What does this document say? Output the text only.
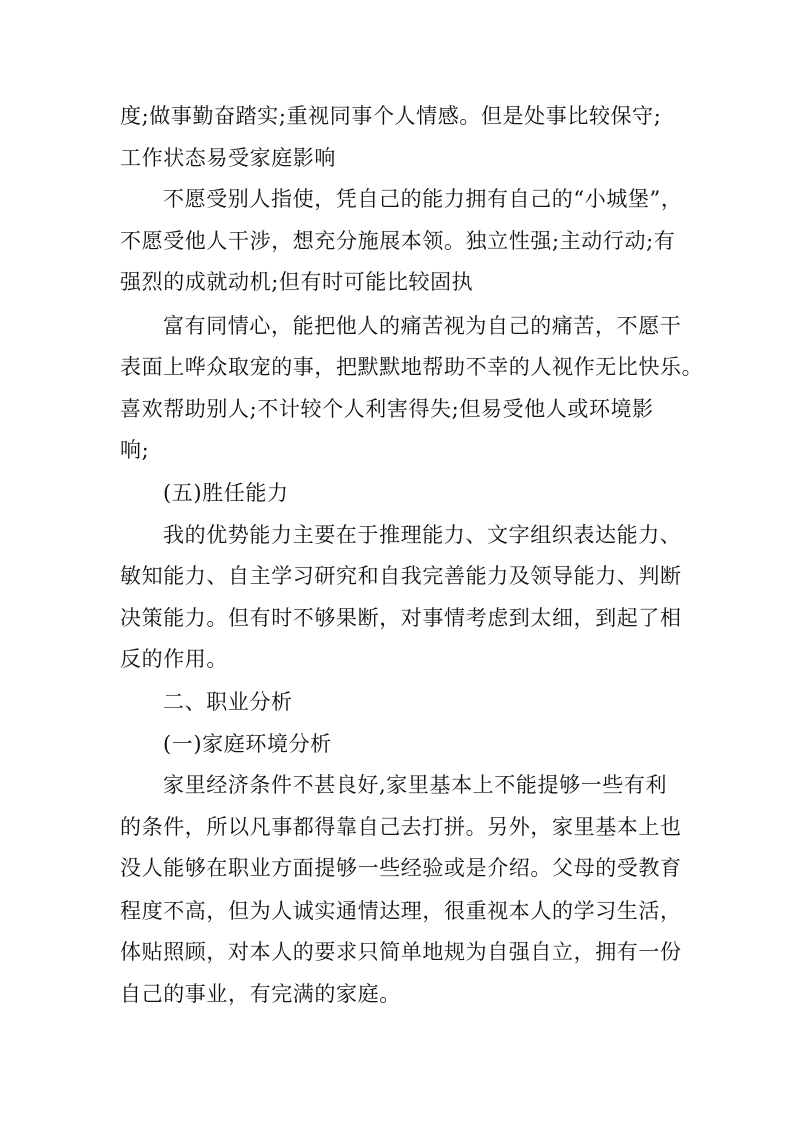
度;做事勤奋踏实;重视同事个人情感。但是处事比较保守;
工作状态易受家庭影响
不愿受别人指使，凭自己的能力拥有自己的“小城堡”，
不愿受他人干涉，想充分施展本领。独立性强;主动行动;有
强烈的成就动机;但有时可能比较固执
富有同情心，能把他人的痛苦视为自己的痛苦，不愿干
表面上哗众取宠的事，把默默地帮助不幸的人视作无比快乐。
喜欢帮助别人;不计较个人利害得失;但易受他人或环境影
响;
(五)胜任能力
我的优势能力主要在于推理能力、文字组织表达能力、
敏知能力、自主学习研究和自我完善能力及领导能力、判断
决策能力。但有时不够果断，对事情考虑到太细，到起了相
反的作用。
二、职业分析
(一)家庭环境分析
家里经济条件不甚良好,家里基本上不能提够一些有利
的条件，所以凡事都得靠自己去打拼。另外，家里基本上也
没人能够在职业方面提够一些经验或是介绍。父母的受教育
程度不高，但为人诚实通情达理，很重视本人的学习生活，
体贴照顾，对本人的要求只简单地规为自强自立，拥有一份
自己的事业，有完满的家庭。
